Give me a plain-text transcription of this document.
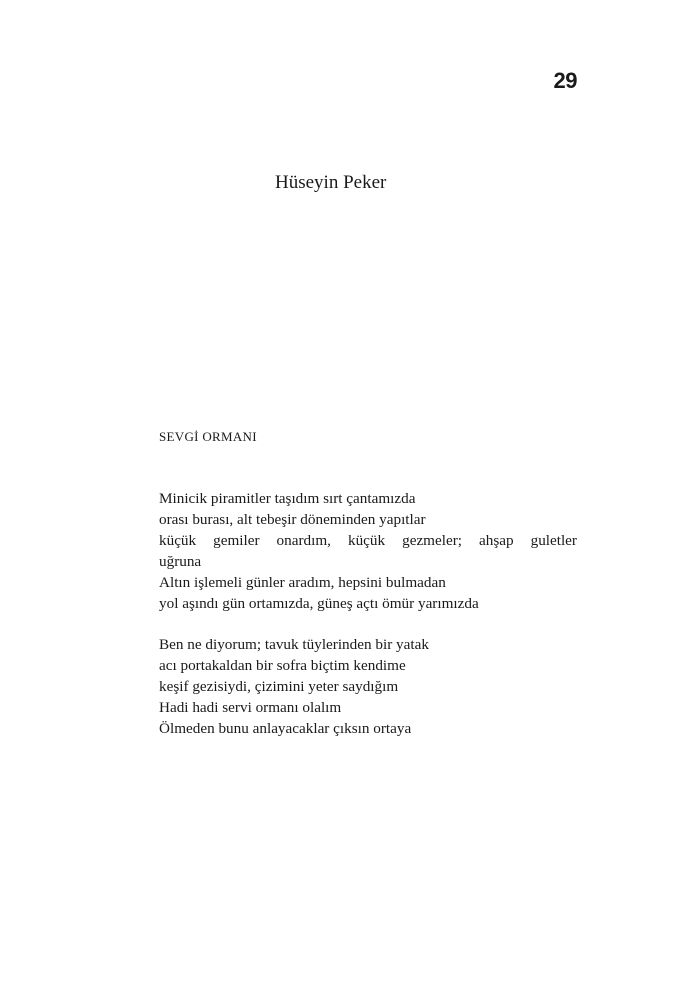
29
Hüseyin Peker
SEVGİ ORMANI
Minicik piramitler taşıdım sırt çantamızda
orası burası, alt tebeşir döneminden yapıtlar
küçük gemiler onardım, küçük gezmeler; ahşap guletler
uğruna
Altın işlemeli günler aradım, hepsini bulmadan
yol aşındı gün ortamızda, güneş açtı ömür yarımızda
Ben ne diyorum; tavuk tüylerinden bir yatak
acı portakaldan bir sofra biçtim kendime
keşif gezisiydi, çizimini yeter saydığım
Hadi hadi servi ormanı olalım
Ölmeden bunu anlayacaklar çıksın ortaya
